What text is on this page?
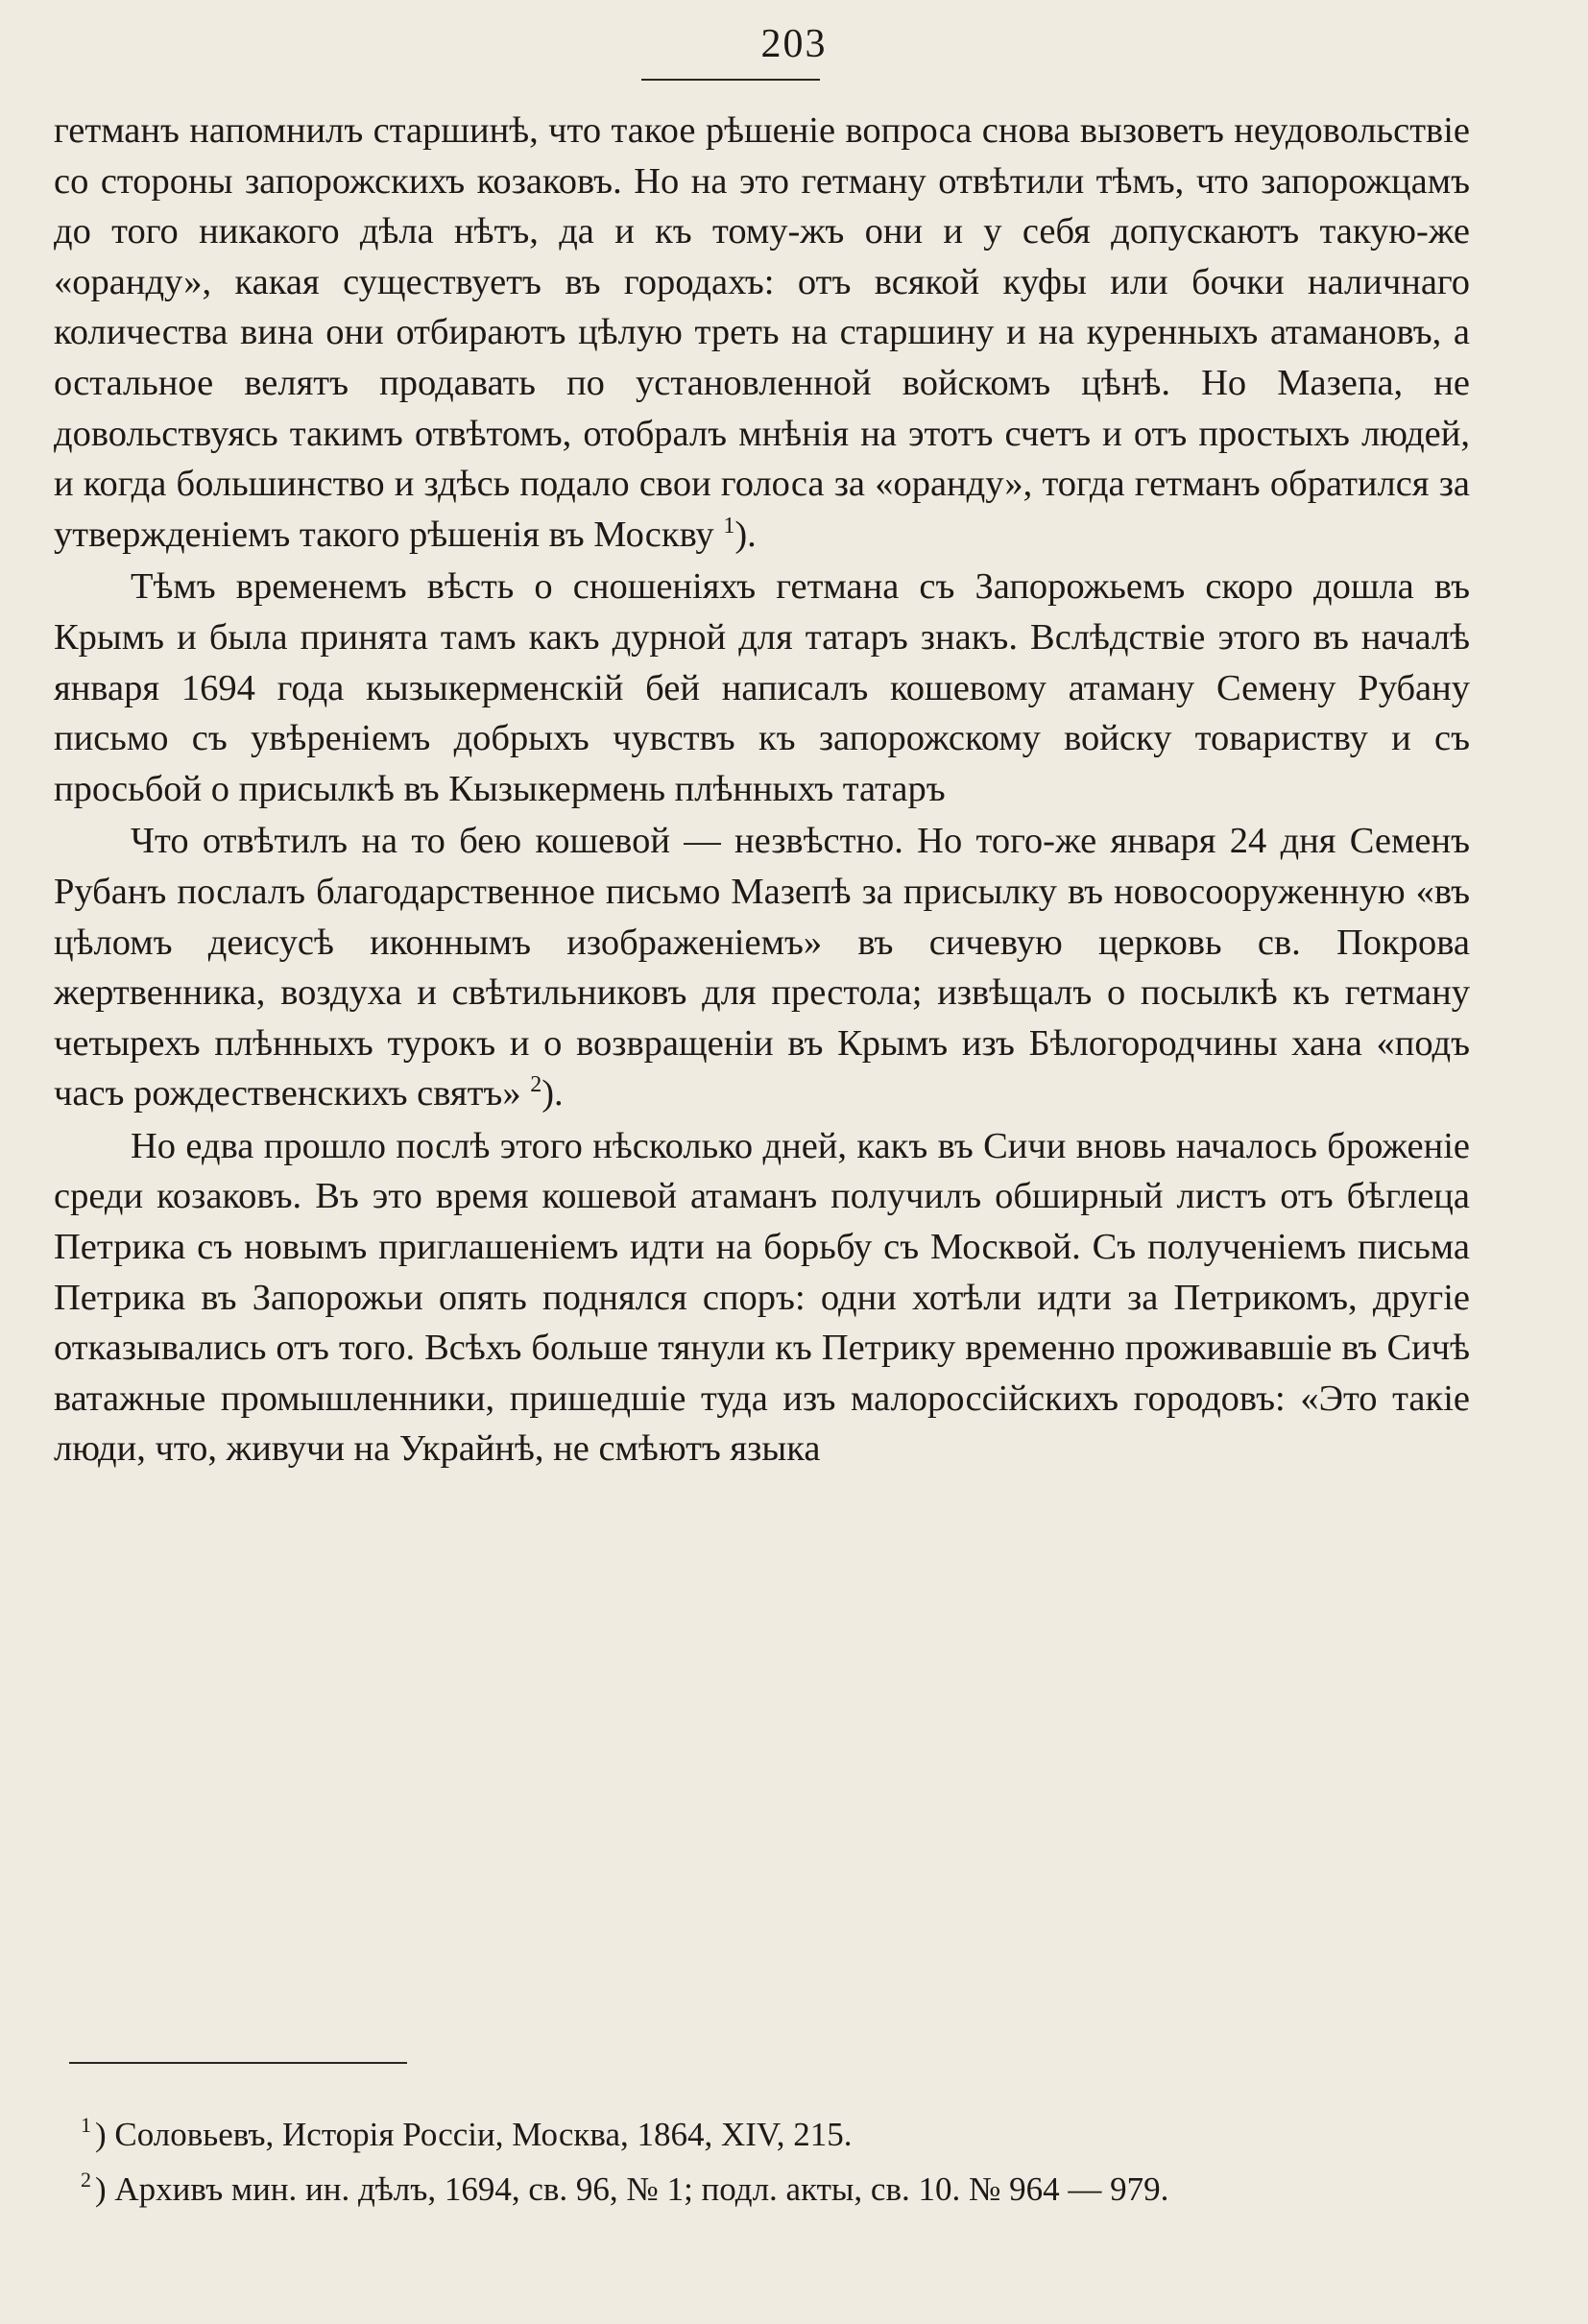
203

гетманъ напомнилъ старшинѣ, что такое рѣшеніе вопроса снова вызоветъ неудовольствіе со стороны запорожскихъ козаковъ. Но на это гетману отвѣтили тѣмъ, что запорожцамъ до того никакого дѣла нѣтъ, да и къ тому-жъ они и у себя допускаютъ такую-же «оранду», какая существуетъ въ городахъ: отъ всякой куфы или бочки наличнаго количества вина они отбираютъ цѣлую треть на старшину и на куренныхъ атамановъ, а остальное велятъ продавать по установленной войскомъ цѣнѣ. Но Мазепа, не довольствуясь такимъ отвѣтомъ, отобралъ мнѣнія на этотъ счетъ и отъ простыхъ людей, и когда большинство и здѣсь подало свои голоса за «оранду», тогда гетманъ обратился за утвержденіемъ такого рѣшенія въ Москву $^1$).

Тѣмъ временемъ вѣсть о сношеніяхъ гетмана съ Запорожьемъ скоро дошла въ Крымъ и была принята тамъ какъ дурной для татаръ знакъ. Вслѣдствіе этого въ началѣ января 1694 года кызыкерменскій бей написалъ кошевому атаману Семену Рубану письмо съ увѣреніемъ добрыхъ чувствъ къ запорожскому войску товариству и съ просьбой о присылкѣ въ Кызыкермень плѣнныхъ татаръ

Что отвѣтилъ на то бею кошевой — незвѣстно. Но того-же января 24 дня Семенъ Рубанъ послалъ благодарственное письмо Мазепѣ за присылку въ новосооруженную «въ цѣломъ деисусѣ иконнымъ изображеніемъ» въ сичевую церковь св. Покрова жертвенника, воздуха и свѣтильниковъ для престола; извѣщалъ о посылкѣ къ гетману четырехъ плѣнныхъ турокъ и о возвращеніи въ Крымъ изъ Бѣлогородчины хана «подъ часъ рождественскихъ святъ» $^2$).

Но едва прошло послѣ этого нѣсколько дней, какъ въ Сичи вновь началось броженіе среди козаковъ. Въ это время кошевой атаманъ получилъ обширный листъ отъ бѣглеца Петрика съ новымъ приглашеніемъ идти на борьбу съ Москвой. Съ полученіемъ письма Петрика въ Запорожьи опять поднялся споръ: одни хотѣли идти за Петрикомъ, другіе отказывались отъ того. Всѣхъ больше тянули къ Петрику временно проживавшіе въ Сичѣ ватажные промышленники, пришедшіе туда изъ малороссійскихъ городовъ: «Это такіе люди, что, живучи на Украйнѣ, не смѣютъ языка

$^1$ ) Соловьевъ, Исторія Россіи, Москва, 1864, XIV, 215.

$^2$ ) Архивъ мин. ин. дѣлъ, 1694, св. 96, № 1; подл. акты, св. 10. № 964 — 979.
